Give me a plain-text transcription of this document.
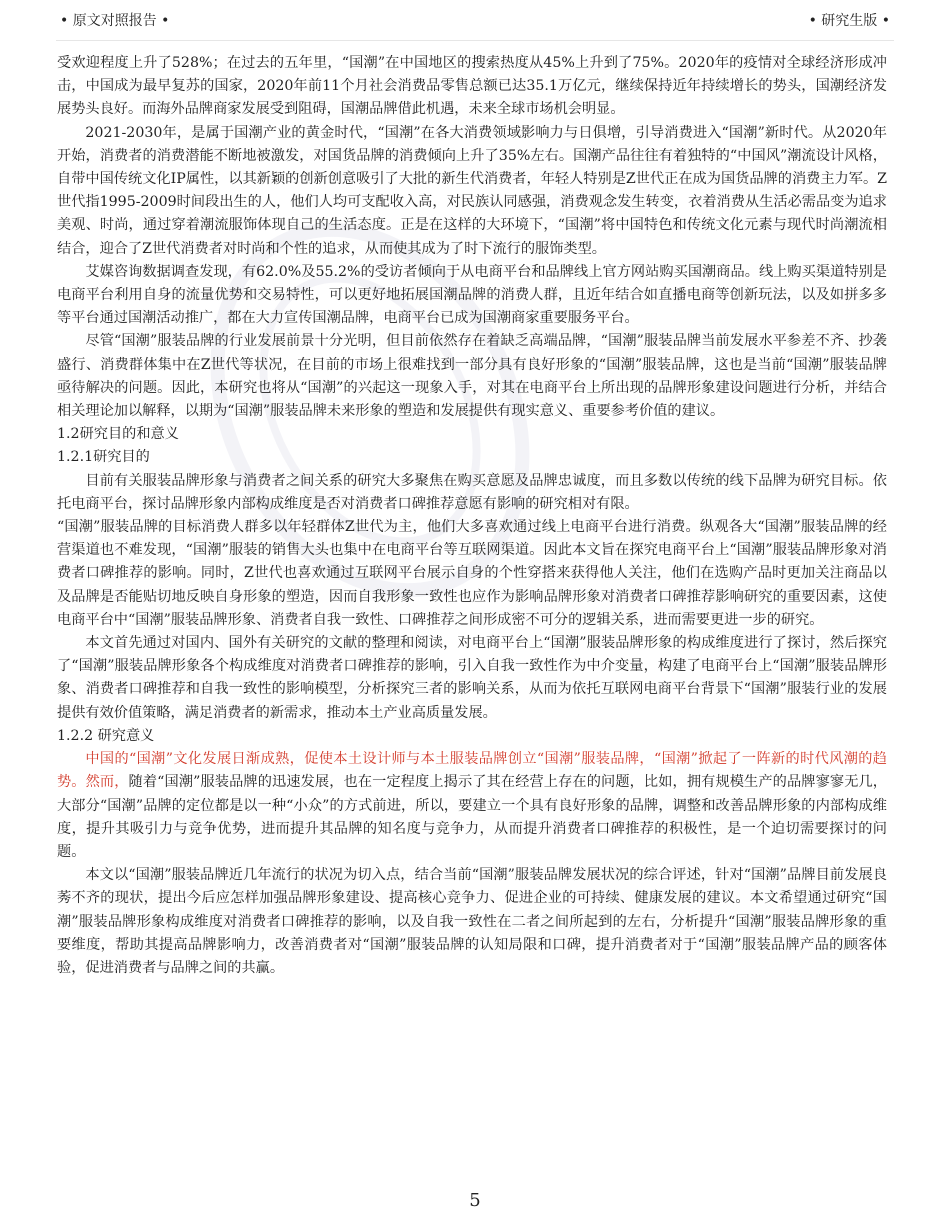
• 原文对照报告 •	• 研究生版 •

受欢迎程度上升了528%；在过去的五年里，“国潮”在中国地区的搜索热度从45%上升到了75%。2020年的疫情对全球经济形成冲击，中国成为最早复苏的国家，2020年前11个月社会消费品零售总额已达35.1万亿元，继续保持近年持续增长的势头，国潮经济发展势头良好。而海外品牌商家发展受到阻碍，国潮品牌借此机遇，未来全球市场机会明显。

2021-2030年，是属于国潮产业的黄金时代，“国潮”在各大消费领域影响力与日俱增，引导消费进入“国潮”新时代。从2020年开始，消费者的消费潜能不断地被激发，对国货品牌的消费倾向上升了35%左右。国潮产品往往有着独特的“中国风”潮流设计风格，自带中国传统文化IP属性，以其新颖的创新创意吸引了大批的新生代消费者，年轻人特别是Z世代正在成为国货品牌的消费主力军。Z世代指1995-2009时间段出生的人，他们人均可支配收入高，对民族认同感强，消费观念发生转变，衣着消费从生活必需品变为追求美观、时尚，通过穿着潮流服饰体现自己的生活态度。正是在这样的大环境下，“国潮”将中国特色和传统文化元素与现代时尚潮流相结合，迎合了Z世代消费者对时尚和个性的追求，从而使其成为了时下流行的服饰类型。

艾媒咨询数据调查发现，有62.0%及55.2%的受访者倾向于从电商平台和品牌线上官方网站购买国潮商品。线上购买渠道特别是电商平台利用自身的流量优势和交易特性，可以更好地拓展国潮品牌的消费人群，且近年结合如直播电商等创新玩法，以及如拼多多等平台通过国潮活动推广，都在大力宣传国潮品牌，电商平台已成为国潮商家重要服务平台。

尽管“国潮”服装品牌的行业发展前景十分光明，但目前依然存在着缺乏高端品牌，“国潮”服装品牌当前发展水平参差不齐、抄袭盛行、消费群体集中在Z世代等状况，在目前的市场上很难找到一部分具有良好形象的“国潮”服装品牌，这也是当前“国潮”服装品牌亟待解决的问题。因此，本研究也将从“国潮”的兴起这一现象入手，对其在电商平台上所出现的品牌形象建设问题进行分析，并结合相关理论加以解释，以期为“国潮”服装品牌未来形象的塑造和发展提供有现实意义、重要参考价值的建议。

1.2研究目的和意义

1.2.1研究目的

目前有关服装品牌形象与消费者之间关系的研究大多聚焦在购买意愿及品牌忠诚度，而且多数以传统的线下品牌为研究目标。依托电商平台，探讨品牌形象内部构成维度是否对消费者口碑推荐意愿有影响的研究相对有限。

“国潮”服装品牌的目标消费人群多以年轻群体Z世代为主，他们大多喜欢通过线上电商平台进行消费。纵观各大“国潮”服装品牌的经营渠道也不难发现，“国潮”服装的销售大头也集中在电商平台等互联网渠道。因此本文旨在探究电商平台上“国潮”服装品牌形象对消费者口碑推荐的影响。同时，Z世代也喜欢通过互联网平台展示自身的个性穿搭来获得他人关注，他们在选购产品时更加关注商品以及品牌是否能贴切地反映自身形象的塑造，因而自我形象一致性也应作为影响品牌形象对消费者口碑推荐影响研究的重要因素，这使电商平台中“国潮”服装品牌形象、消费者自我一致性、口碑推荐之间形成密不可分的逻辑关系，进而需要更进一步的研究。

本文首先通过对国内、国外有关研究的文献的整理和阅读，对电商平台上“国潮”服装品牌形象的构成维度进行了探讨，然后探究了“国潮”服装品牌形象各个构成维度对消费者口碑推荐的影响，引入自我一致性作为中介变量，构建了电商平台上“国潮”服装品牌形象、消费者口碑推荐和自我一致性的影响模型，分析探究三者的影响关系，从而为依托互联网电商平台背景下“国潮”服装行业的发展提供有效价值策略，满足消费者的新需求，推动本土产业高质量发展。

1.2.2 研究意义

中国的“国潮”文化发展日渐成熟，促使本土设计师与本土服装品牌创立“国潮”服装品牌，“国潮”掀起了一阵新的时代风潮的趋势。然而，随着“国潮”服装品牌的迅速发展，也在一定程度上揭示了其在经营上存在的问题，比如，拥有规模生产的品牌寥寥无几，大部分“国潮”品牌的定位都是以一种“小众”的方式前进，所以，要建立一个具有良好形象的品牌，调整和改善品牌形象的内部构成维度，提升其吸引力与竞争优势，进而提升其品牌的知名度与竞争力，从而提升消费者口碑推荐的积极性，是一个迫切需要探讨的问题。

本文以“国潮”服装品牌近几年流行的状况为切入点，结合当前“国潮”服装品牌发展状况的综合评述，针对“国潮”品牌目前发展良莠不齐的现状，提出今后应怎样加强品牌形象建设、提高核心竞争力、促进企业的可持续、健康发展的建议。本文希望通过研究“国潮”服装品牌形象构成维度对消费者口碑推荐的影响，以及自我一致性在二者之间所起到的左右，分析提升“国潮”服装品牌形象的重要维度，帮助其提高品牌影响力，改善消费者对“国潮”服装品牌的认知局限和口碑，提升消费者对于“国潮”服装品牌产品的顾客体验，促进消费者与品牌之间的共赢。

5
